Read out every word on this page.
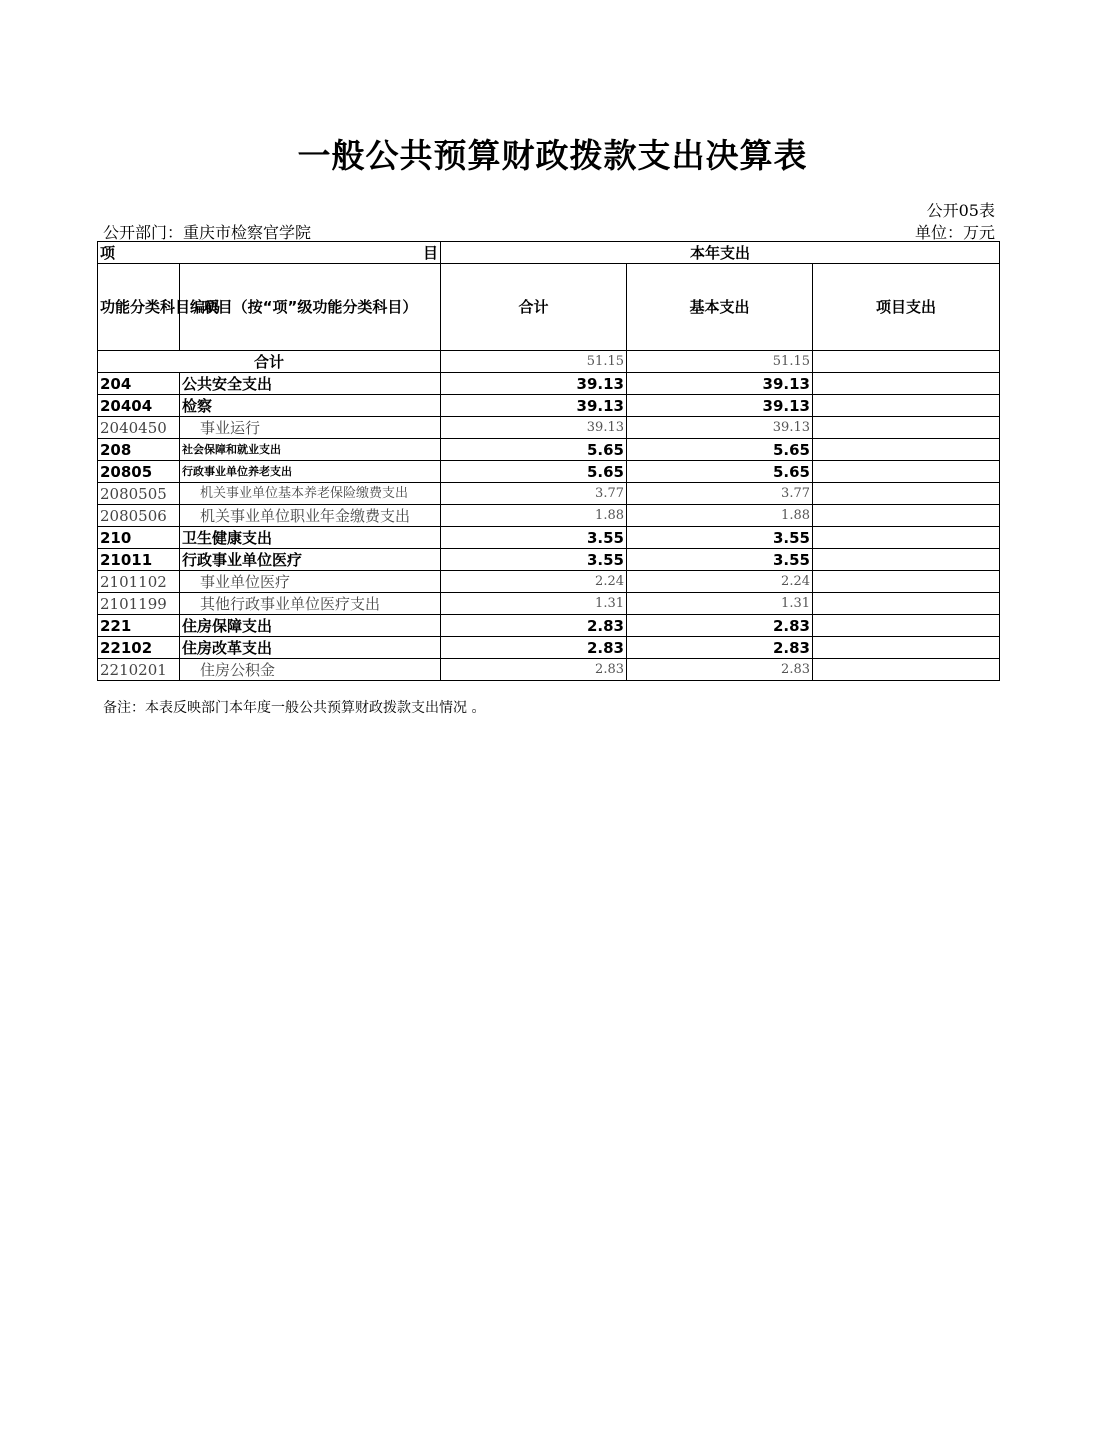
一般公共预算财政拨款支出决算表
公开05表
公开部门：重庆市检察官学院	单位：万元
项 目		本年支出		
功能分类科目编码	项目（按“项”级功能分类科目）	合计	基本支出	项目支出
合计		51.15	51.15	
204	公共安全支出	39.13	39.13	
20404	检察	39.13	39.13	
2040450	事业运行	39.13	39.13	
208	社会保障和就业支出	5.65	5.65	
20805	行政事业单位养老支出	5.65	5.65	
2080505	机关事业单位基本养老保险缴费支出	3.77	3.77	
2080506	机关事业单位职业年金缴费支出	1.88	1.88	
210	卫生健康支出	3.55	3.55	
21011	行政事业单位医疗	3.55	3.55	
2101102	事业单位医疗	2.24	2.24	
2101199	其他行政事业单位医疗支出	1.31	1.31	
221	住房保障支出	2.83	2.83	
22102	住房改革支出	2.83	2.83	
2210201	住房公积金	2.83	2.83	
备注：本表反映部门本年度一般公共预算财政拨款支出情况 。
